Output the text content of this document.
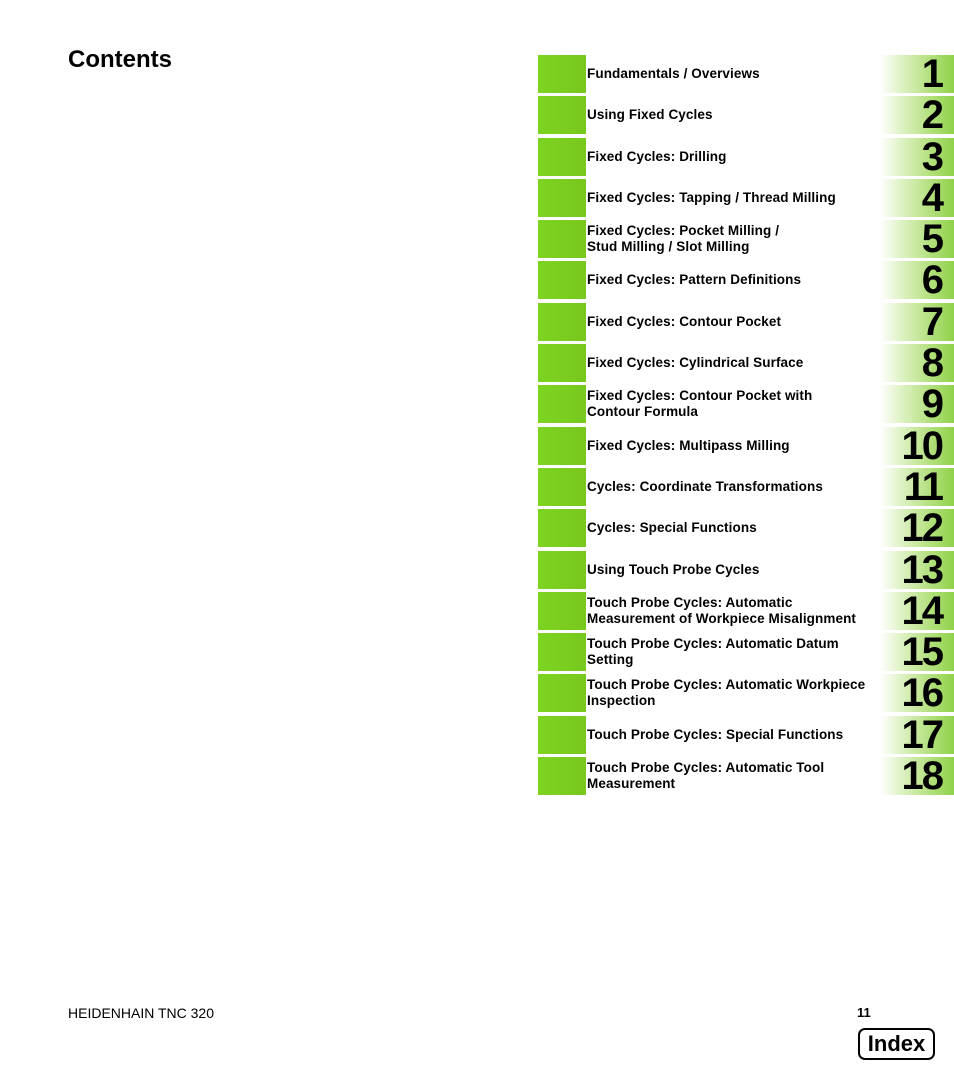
Contents
Fundamentals / Overviews	1
Using Fixed Cycles	2
Fixed Cycles: Drilling	3
Fixed Cycles: Tapping / Thread Milling	4
Fixed Cycles: Pocket Milling /
Stud Milling / Slot Milling	5
Fixed Cycles: Pattern Definitions	6
Fixed Cycles: Contour Pocket	7
Fixed Cycles: Cylindrical Surface	8
Fixed Cycles: Contour Pocket with
Contour Formula	9
Fixed Cycles: Multipass Milling	10
Cycles: Coordinate Transformations	11
Cycles: Special Functions	12
Using Touch Probe Cycles	13
Touch Probe Cycles: Automatic
Measurement of Workpiece Misalignment	14
Touch Probe Cycles: Automatic Datum
Setting	15
Touch Probe Cycles: Automatic Workpiece
Inspection	16
Touch Probe Cycles: Special Functions	17
Touch Probe Cycles: Automatic Tool
Measurement	18
HEIDENHAIN TNC 320	11
Index
